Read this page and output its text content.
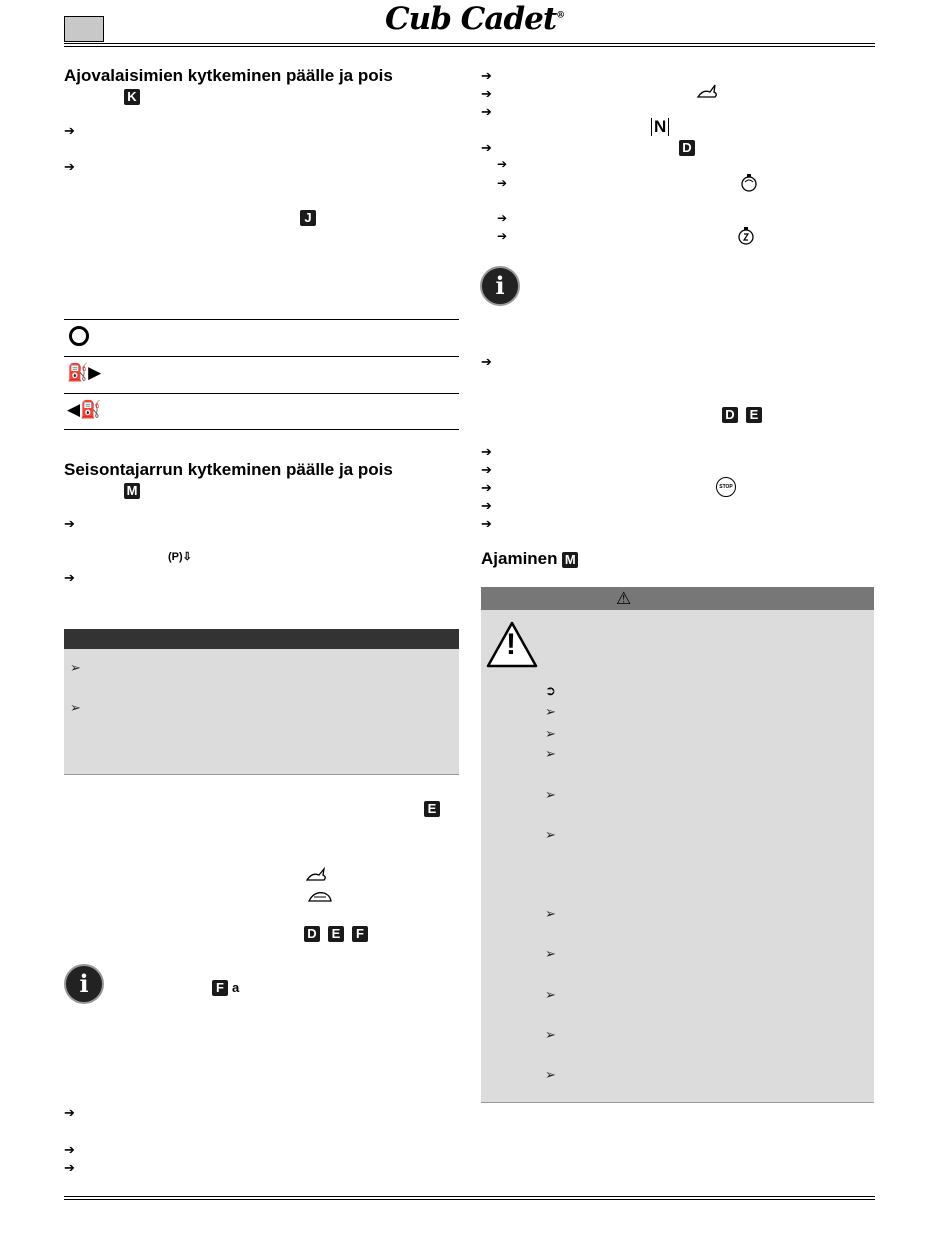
Cub Cadet®
Ajovalaisimien kytkeminen päälle ja pois
K
➔
➔
J
⛽▶
◀⛽
Seisontajarrun kytkeminen päälle ja pois
M
➔
(P)⇩
➔
➢
➢
E
D E	F
i	F a
➔
➔
➔
➔
➔
➔
N
➔	D
➔
➔
➔
➔
i
➔
D E
➔
➔
➔	STOP
➔
➔
Ajaminen M
⚠
!
➲
➢
➢
➢
➢
➢
➢
➢
➢
➢
➢
